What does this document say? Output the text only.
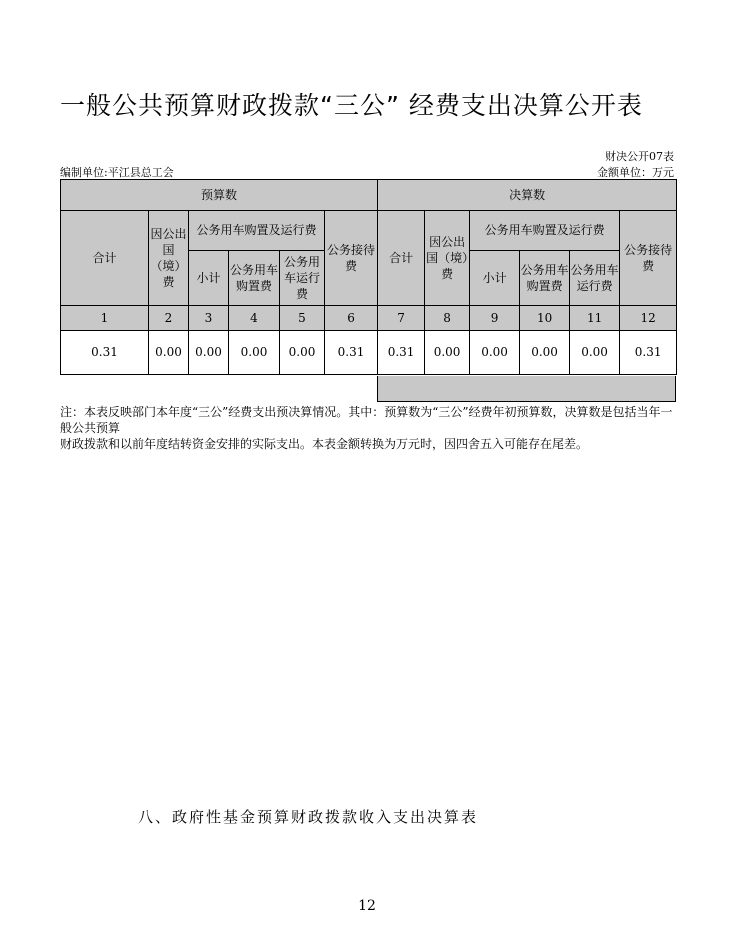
一般公共预算财政拨款“三公” 经费支出决算公开表
财决公开07表
编制单位:平江县总工会	金额单位：万元
预算数						决算数					
合计	因公出国（境）费	公务用车购置及运行费			公务接待费	合计	因公出国（境）费	公务用车购置及运行费			公务接待费
		小计	公务用车购置费	公务用车运行费				小计	公务用车购置费	公务用车运行费	
1	2	3	4	5	6	7	8	9	10	11	12
0.31	0.00	0.00	0.00	0.00	0.31	0.31	0.00	0.00	0.00	0.00	0.31
注：本表反映部门本年度“三公”经费支出预决算情况。其中：预算数为“三公”经费年初预算数，决算数是包括当年一般公共预算
财政拨款和以前年度结转资金安排的实际支出。本表金额转换为万元时，因四舍五入可能存在尾差。
八、政府性基金预算财政拨款收入支出决算表
12
